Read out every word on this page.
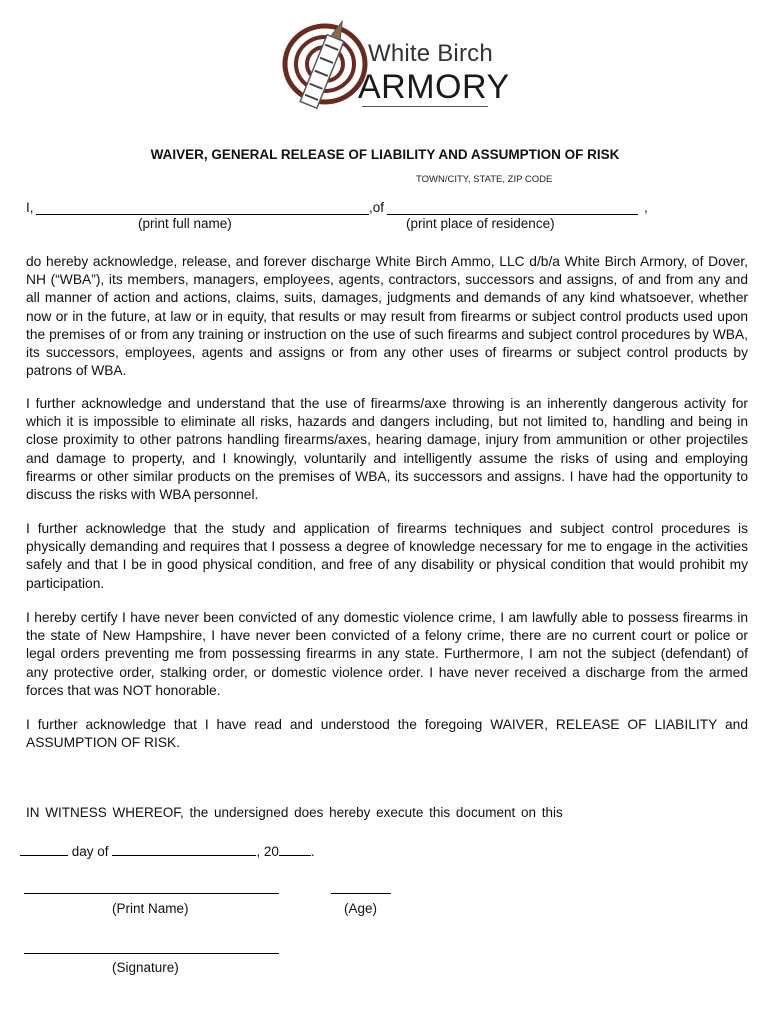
White Birch
ARMORY
WAIVER, GENERAL RELEASE OF LIABILITY AND ASSUMPTION OF RISK
TOWN/CITY, STATE, ZIP CODE
I,	,of	,
(print full name)	(print place of residence)
do hereby acknowledge, release, and forever discharge White Birch Ammo, LLC d/b/a White Birch Armory, of Dover, NH (“WBA”), its members, managers, employees, agents, contractors, successors and assigns, of and from any and all manner of action and actions, claims, suits, damages, judgments and demands of any kind whatsoever, whether now or in the future, at law or in equity, that results or may result from firearms or subject control products used upon the premises of or from any training or instruction on the use of such firearms and subject control procedures by WBA, its successors, employees, agents and assigns or from any other uses of firearms or subject control products by patrons of WBA.
I further acknowledge and understand that the use of firearms/axe throwing is an inherently dangerous activity for which it is impossible to eliminate all risks, hazards and dangers including, but not limited to, handling and being in close proximity to other patrons handling firearms/axes, hearing damage, injury from ammunition or other projectiles and damage to property, and I knowingly, voluntarily and intelligently assume the risks of using and employing firearms or other similar products on the premises of WBA, its successors and assigns. I have had the opportunity to discuss the risks with WBA personnel.
I further acknowledge that the study and application of firearms techniques and subject control procedures is physically demanding and requires that I possess a degree of knowledge necessary for me to engage in the activities safely and that I be in good physical condition, and free of any disability or physical condition that would prohibit my participation.
I hereby certify I have never been convicted of any domestic violence crime, I am lawfully able to possess firearms in the state of New Hampshire, I have never been convicted of a felony crime, there are no current court or police or legal orders preventing me from possessing firearms in any state. Furthermore, I am not the subject (defendant) of any protective order, stalking order, or domestic violence order. I have never received a discharge from the armed forces that was NOT honorable.
I further acknowledge that I have read and understood the foregoing WAIVER, RELEASE OF LIABILITY and ASSUMPTION OF RISK.
IN WITNESS WHEREOF, the undersigned does hereby execute this document on this
day of	, 20 .
(Print Name)	(Age)
(Signature)
